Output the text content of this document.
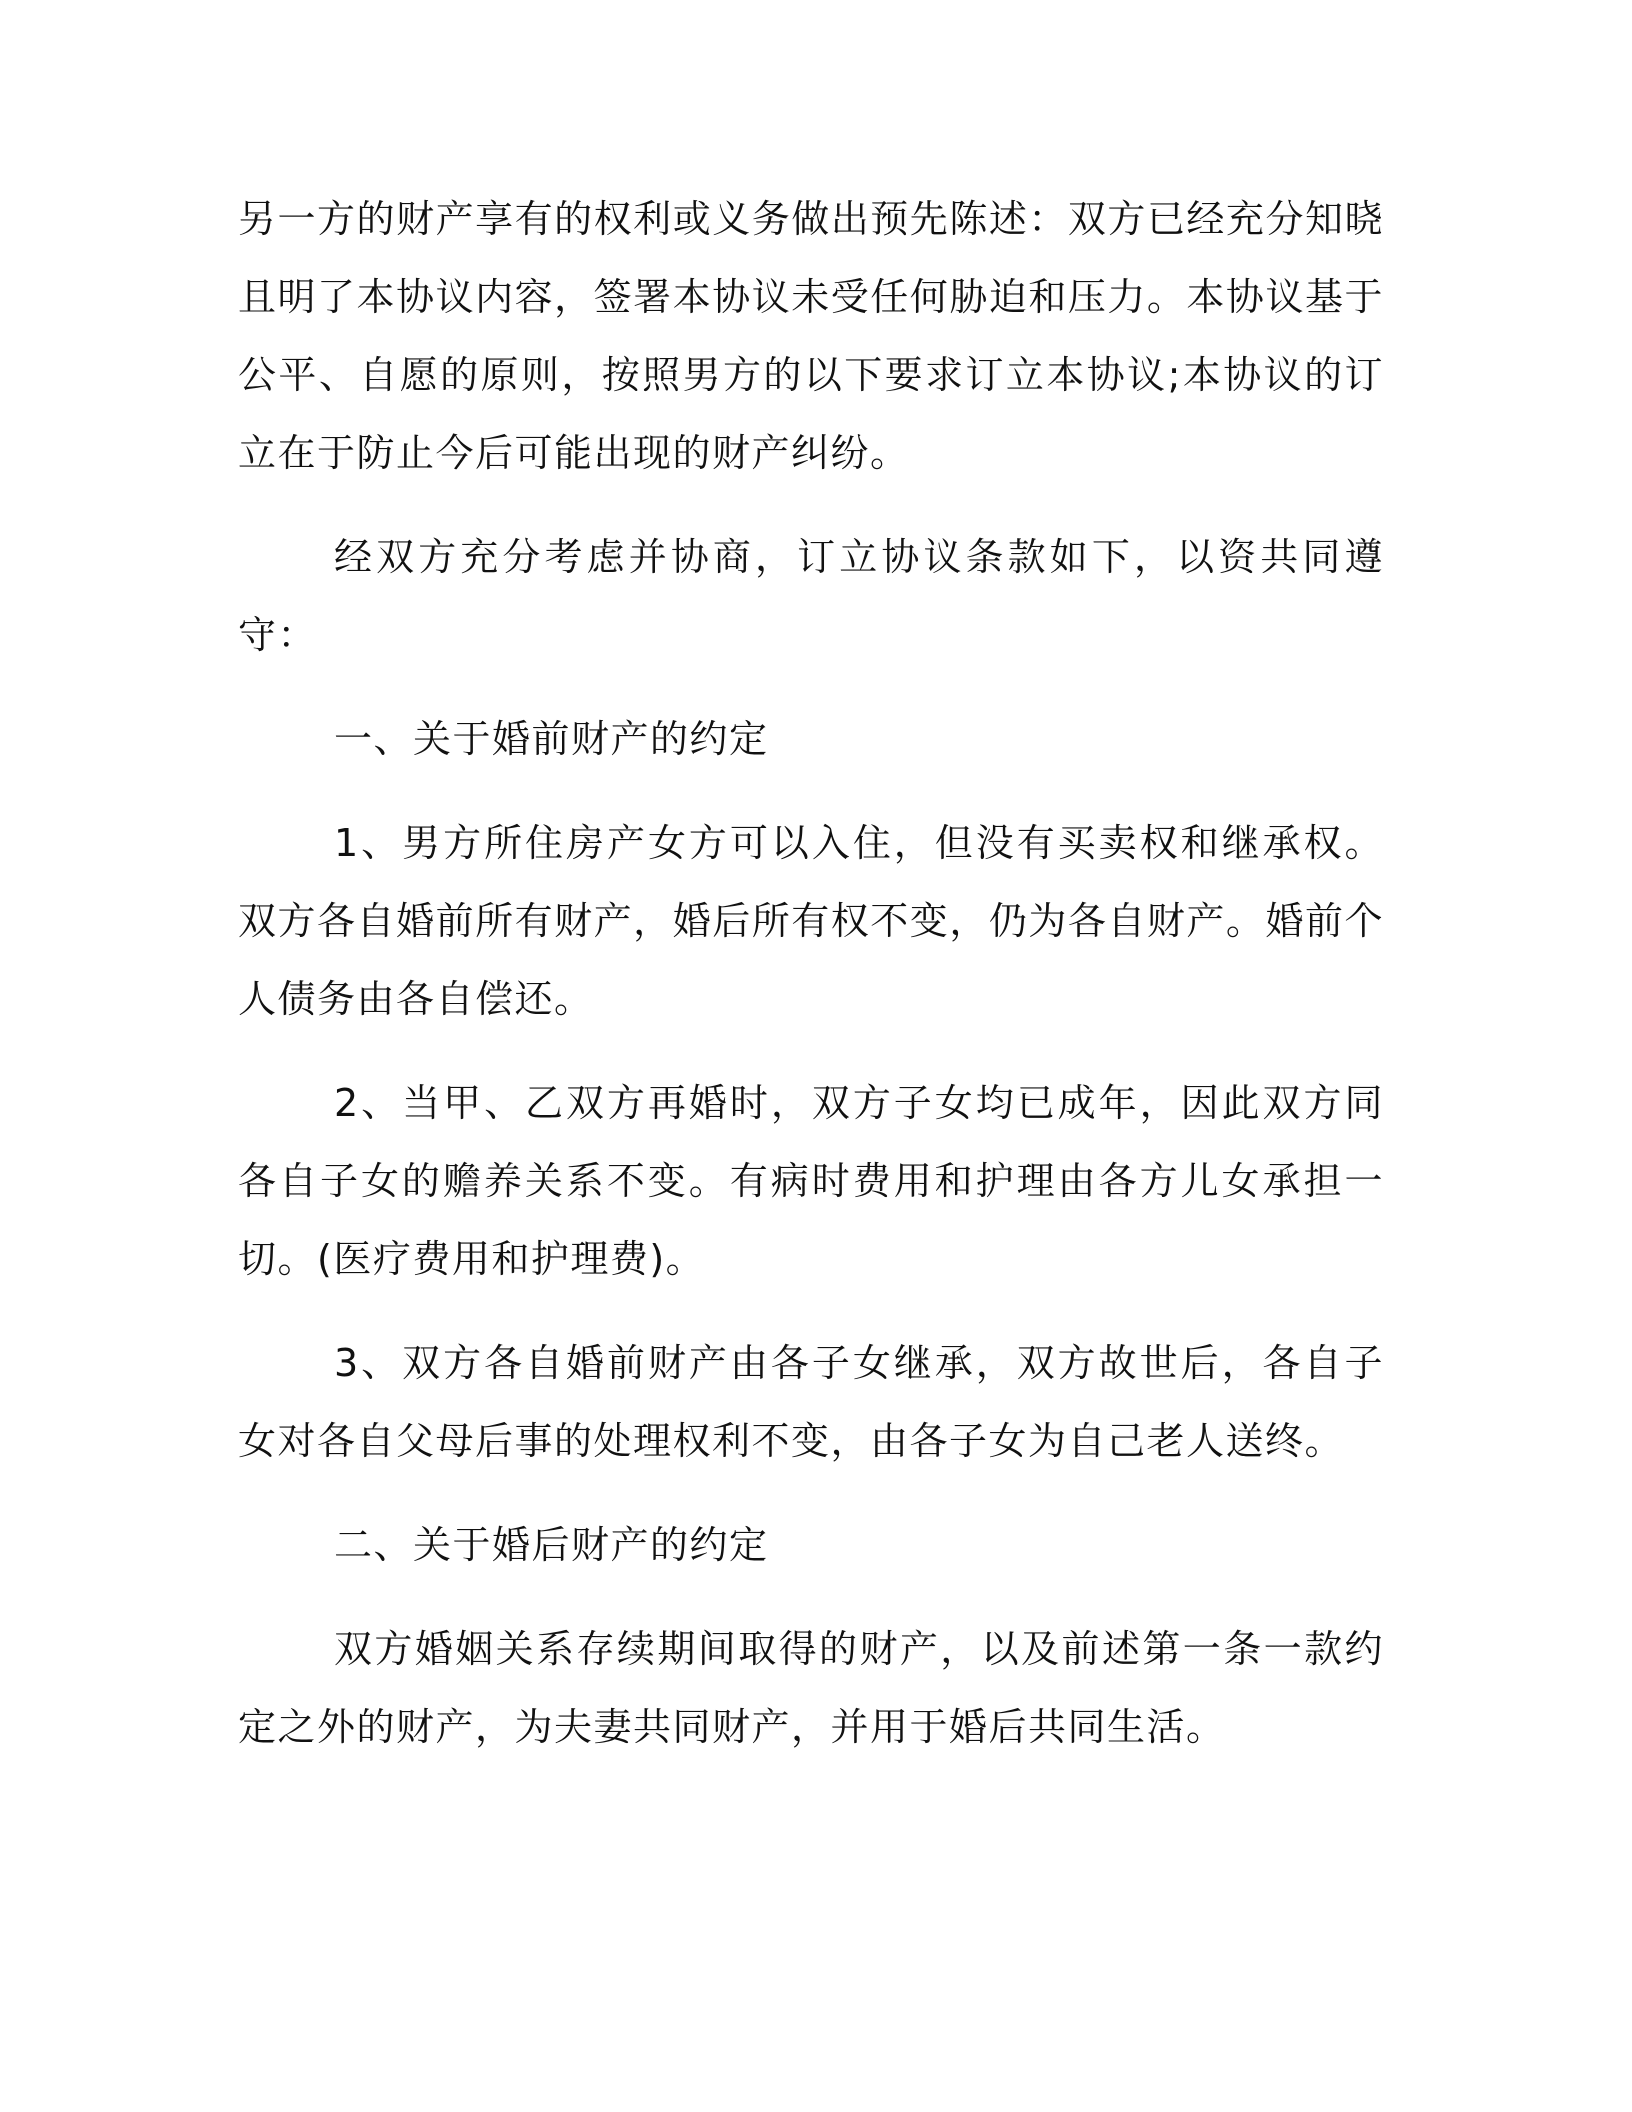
另一方的财产享有的权利或义务做出预先陈述：双方已经充分知晓且明了本协议内容，签署本协议未受任何胁迫和压力。本协议基于公平、自愿的原则，按照男方的以下要求订立本协议;本协议的订立在于防止今后可能出现的财产纠纷。

经双方充分考虑并协商，订立协议条款如下，以资共同遵守：

一、关于婚前财产的约定

1、男方所住房产女方可以入住，但没有买卖权和继承权。双方各自婚前所有财产，婚后所有权不变，仍为各自财产。婚前个人债务由各自偿还。

2、当甲、乙双方再婚时，双方子女均已成年，因此双方同各自子女的赡养关系不变。有病时费用和护理由各方儿女承担一切。(医疗费用和护理费)。

3、双方各自婚前财产由各子女继承，双方故世后，各自子女对各自父母后事的处理权利不变，由各子女为自己老人送终。

二、关于婚后财产的约定

双方婚姻关系存续期间取得的财产，以及前述第一条一款约定之外的财产，为夫妻共同财产，并用于婚后共同生活。
